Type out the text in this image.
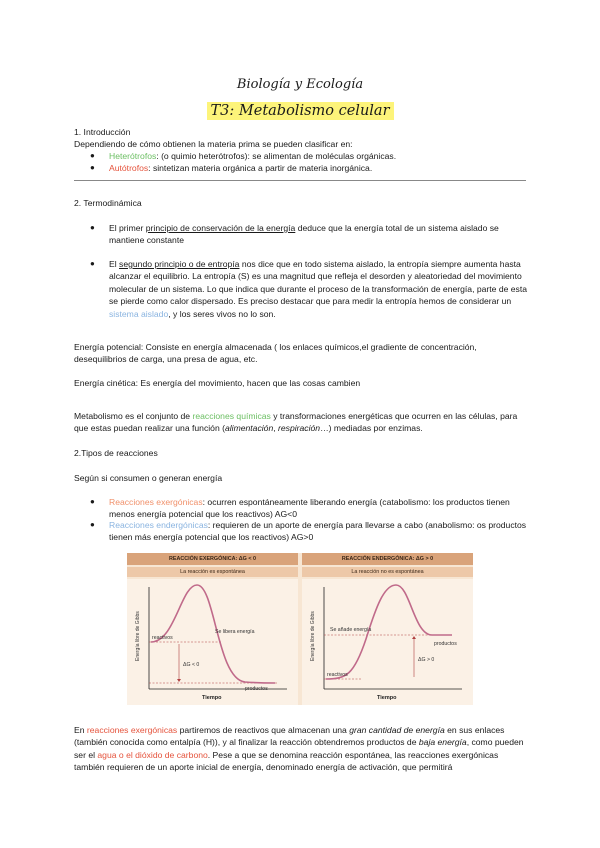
Biología y Ecología
T3: Metabolismo celular
1. Introducción
Dependiendo de cómo obtienen la materia prima se pueden clasificar en:
● Heterótrofos: (o quimio heterótrofos): se alimentan de moléculas orgánicas.
● Autótrofos: sintetizan materia orgánica a partir de materia inorgánica.
2. Termodinámica
● El primer principio de conservación de la energía deduce que la energía total de un sistema aislado se mantiene constante
● El segundo principio o de entropía nos dice que en todo sistema aislado, la entropía siempre aumenta hasta alcanzar el equilibrio. La entropía (S) es una magnitud que refleja el desorden y aleatoriedad del movimiento molecular de un sistema. Lo que indica que durante el proceso de la transformación de energía, parte de esta se pierde como calor dispersado. Es preciso destacar que para medir la entropía hemos de considerar un sistema aislado, y los seres vivos no lo son.
Energía potencial: Consiste en energía almacenada ( los enlaces químicos,el gradiente de concentración, desequilibrios de carga, una presa de agua, etc.
Energía cinética: Es energía del movimiento, hacen que las cosas cambien
Metabolismo es el conjunto de reacciones químicas y transformaciones energéticas que ocurren en las células, para que estas puedan realizar una función (alimentación, respiración…) mediadas por enzimas.
2.Tipos de reacciones
Según si consumen o generan energía
● Reacciones exergónicas: ocurren espontáneamente liberando energía (catabolismo: los productos tienen menos energía potencial que los reactivos) AG<0
● Reacciones endergónicas: requieren de un aporte de energía para llevarse a cabo (anabolismo: os productos tienen más energía potencial que los reactivos) AG>0
REACCIÓN EXERGÓNICA: ΔG < 0
La reacción es espontánea
Energía libre de Gibbs
Tiempo
Se libera energía
reactivos
productos
ΔG < 0
REACCIÓN ENDERGÓNICA: ΔG > 0
La reacción no es espontánea
Energía libre de Gibbs
Tiempo
Se añade energía
reactivos
productos
ΔG > 0
En reacciones exergónicas partiremos de reactivos que almacenan una gran cantidad de energía en sus enlaces (también conocida como entalpía (H)), y al finalizar la reacción obtendremos productos de baja energía, como pueden ser el agua o el dióxido de carbono. Pese a que se denomina reacción espontánea, las reacciones exergónicas también requieren de un aporte inicial de energía, denominado energía de activación, que permitirá
